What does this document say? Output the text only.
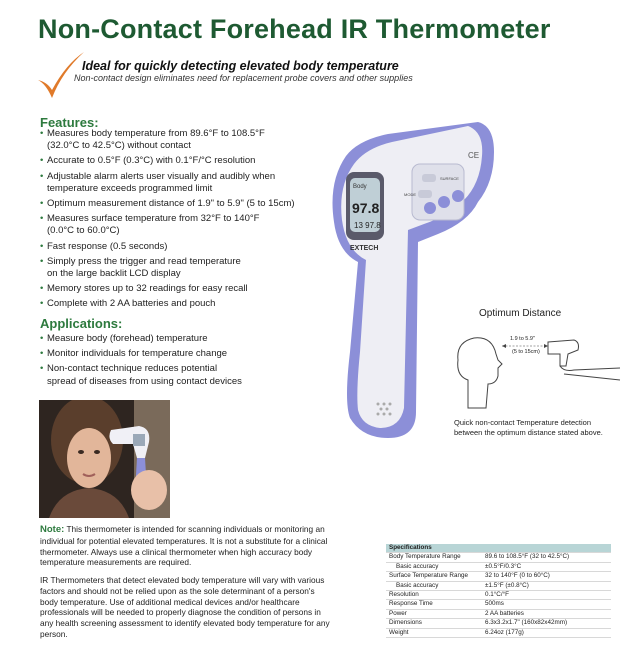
Non-Contact Forehead IR Thermometer
Ideal for quickly detecting elevated body temperature
Non-contact design eliminates need for replacement probe covers and other supplies
Features:
• Measures body temperature from 89.6°F to 108.5°F
(32.0°C to 42.5°C) without contact
• Accurate to 0.5°F (0.3°C) with 0.1°F/°C resolution
• Adjustable alarm alerts user visually and audibly when
temperature exceeds programmed limit
• Optimum measurement distance of 1.9" to 5.9" (5 to 15cm)
• Measures surface temperature from 32°F to 140°F
(0.0°C to 60.0°C)
• Fast response (0.5 seconds)
• Simply press the trigger and read temperature
on the large backlit LCD display
• Memory stores up to 32 readings for easy recall
• Complete with 2 AA batteries and pouch
Applications:
• Measure body (forehead) temperature
• Monitor individuals for temperature change
• Non-contact technique reduces potential
spread of diseases from using contact devices
Body
97.8
13 97.8
EXTECH
SURFACE
MODE
CE
Optimum Distance
1.9 to 5.9"
(5 to 15cm)
Quick non-contact Temperature detection
between the optimum distance stated above.
Note: This thermometer is intended for scanning individuals or monitoring an individual for potential elevated temperatures. It is not a substitute for a clinical thermometer. Always use a clinical thermometer when high accuracy body temperature measurements are required.
IR Thermometers that detect elevated body temperature will vary with various factors and should not be relied upon as the sole determinant of a person's body temperature. Use of additional medical devices and/or healthcare professionals will be needed to properly diagnose the condition of persons in any health screening assessment to identify elevated body temperature for any person.
Specifications	
Body Temperature Range	89.6 to 108.5°F (32 to 42.5°C)
Basic accuracy	±0.5°F/0.3°C
Surface Temperature Range	32 to 140°F (0 to 60°C)
Basic accuracy	±1.5°F (±0.8°C)
Resolution	0.1°C/°F
Response Time	500ms
Power	2 AA batteries
Dimensions	6.3x3.2x1.7" (160x82x42mm)
Weight	6.24oz (177g)
